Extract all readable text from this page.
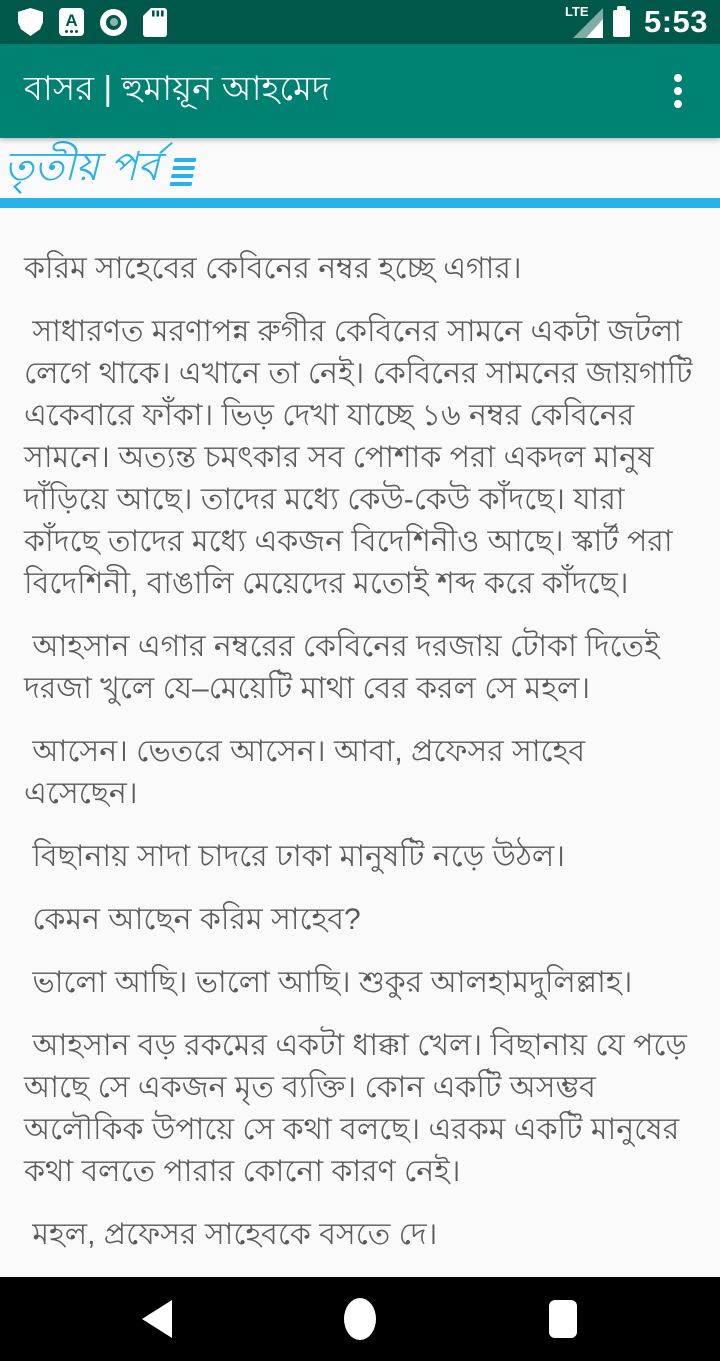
A	LTE 5:53
বাসর | হুমায়ূন আহমেদ
তৃতীয় পর্ব

করিম সাহেবের কেবিনের নম্বর হচ্ছে এগার।

সাধারণত মরণাপন্ন রুগীর কেবিনের সামনে একটা জটলা লেগে থাকে। এখানে তা নেই। কেবিনের সামনের জায়গাটি একেবারে ফাঁকা। ভিড় দেখা যাচ্ছে ১৬ নম্বর কেবিনের সামনে। অত্যন্ত চমৎকার সব পোশাক পরা একদল মানুষ দাঁড়িয়ে আছে। তাদের মধ্যে কেউ-কেউ কাঁদছে। যারা কাঁদছে তাদের মধ্যে একজন বিদেশিনীও আছে। স্কার্ট পরা বিদেশিনী, বাঙালি মেয়েদের মতোই শব্দ করে কাঁদছে।

আহসান এগার নম্বরের কেবিনের দরজায় টোকা দিতেই দরজা খুলে যে–মেয়েটি মাথা বের করল সে মহল।

আসেন। ভেতরে আসেন। আবা, প্রফেসর সাহেব এসেছেন।

বিছানায় সাদা চাদরে ঢাকা মানুষটি নড়ে উঠল।

কেমন আছেন করিম সাহেব?

ভালো আছি। ভালো আছি। শুকুর আলহামদুলিল্লাহ।

আহসান বড় রকমের একটা ধাক্কা খেল। বিছানায় যে পড়ে আছে সে একজন মৃত ব্যক্তি। কোন একটি অসম্ভব অলৌকিক উপায়ে সে কথা বলছে। এরকম একটি মানুষের কথা বলতে পারার কোনো কারণ নেই।

মহল, প্রফেসর সাহেবকে বসতে দে।
